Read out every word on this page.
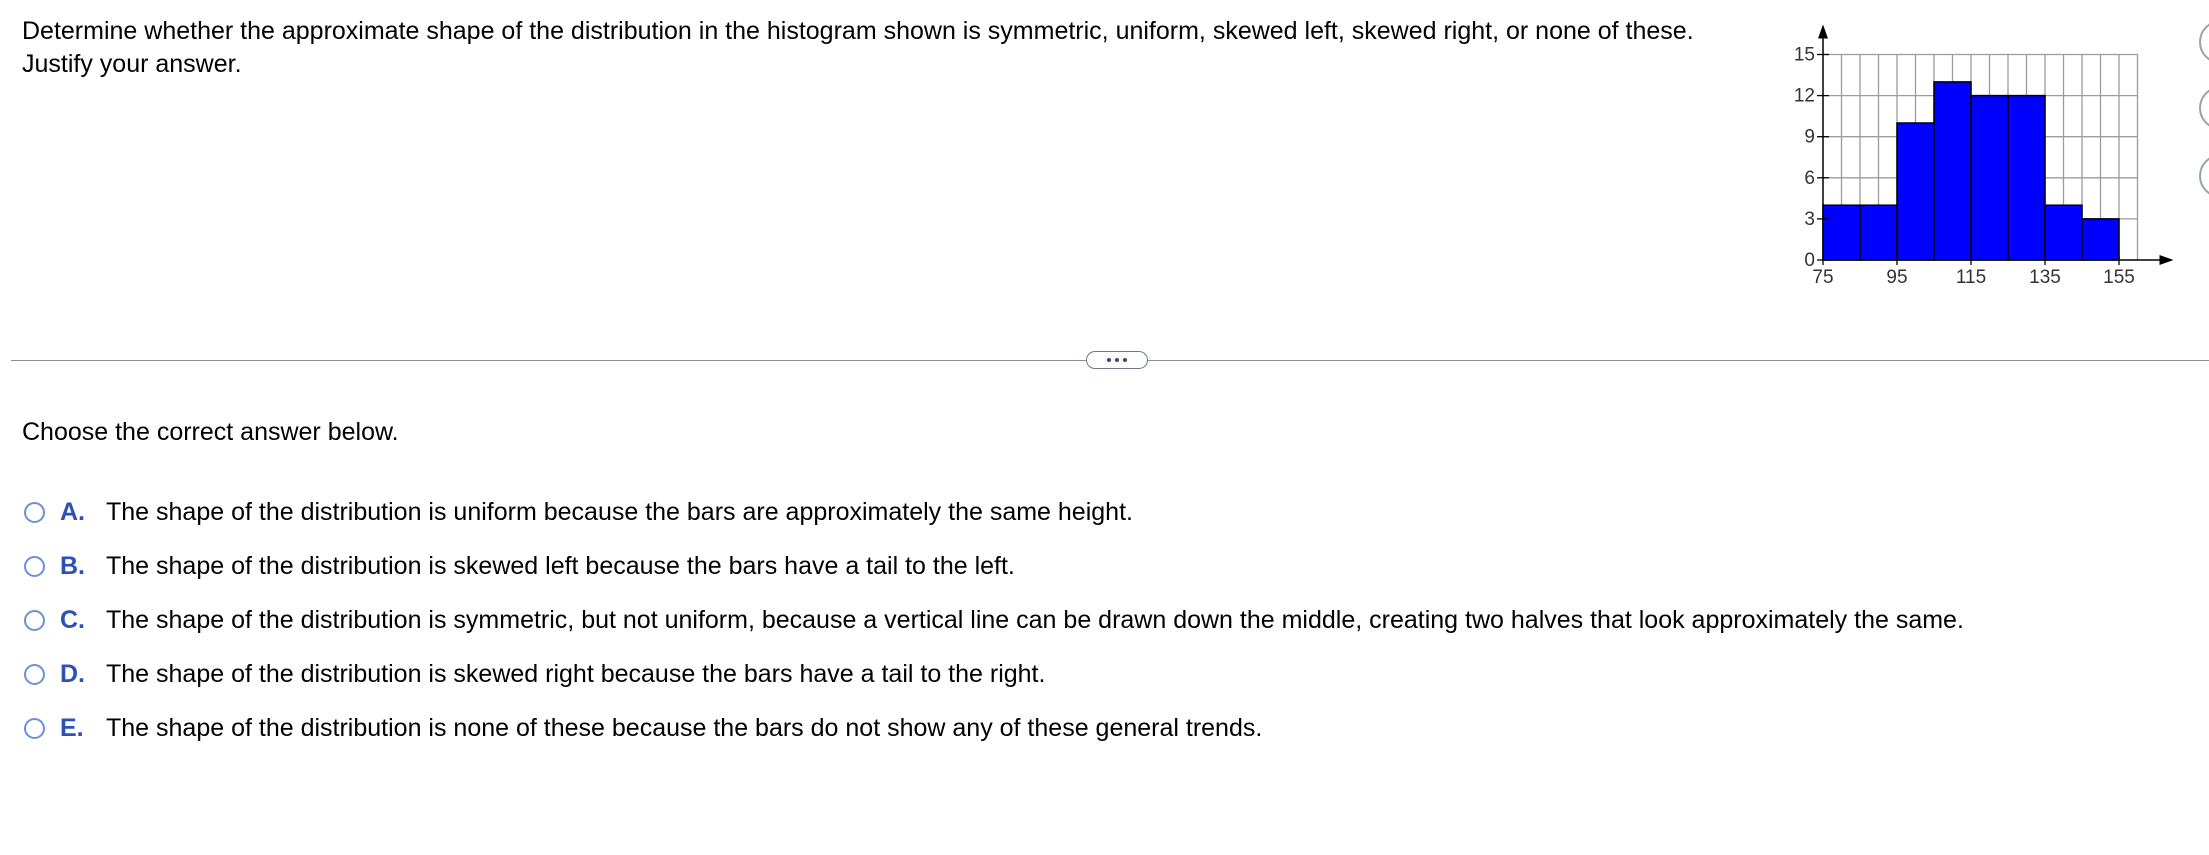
Determine whether the approximate shape of the distribution in the histogram shown is symmetric, uniform, skewed left, skewed right, or none of these. Justify your answer.

0
3
6
9
12
15
75	95	115 135 155

Choose the correct answer below.

A. The shape of the distribution is uniform because the bars are approximately the same height.
B. The shape of the distribution is skewed left because the bars have a tail to the left.
C. The shape of the distribution is symmetric, but not uniform, because a vertical line can be drawn down the middle, creating two halves that look approximately the same.
D. The shape of the distribution is skewed right because the bars have a tail to the right.
E. The shape of the distribution is none of these because the bars do not show any of these general trends.
